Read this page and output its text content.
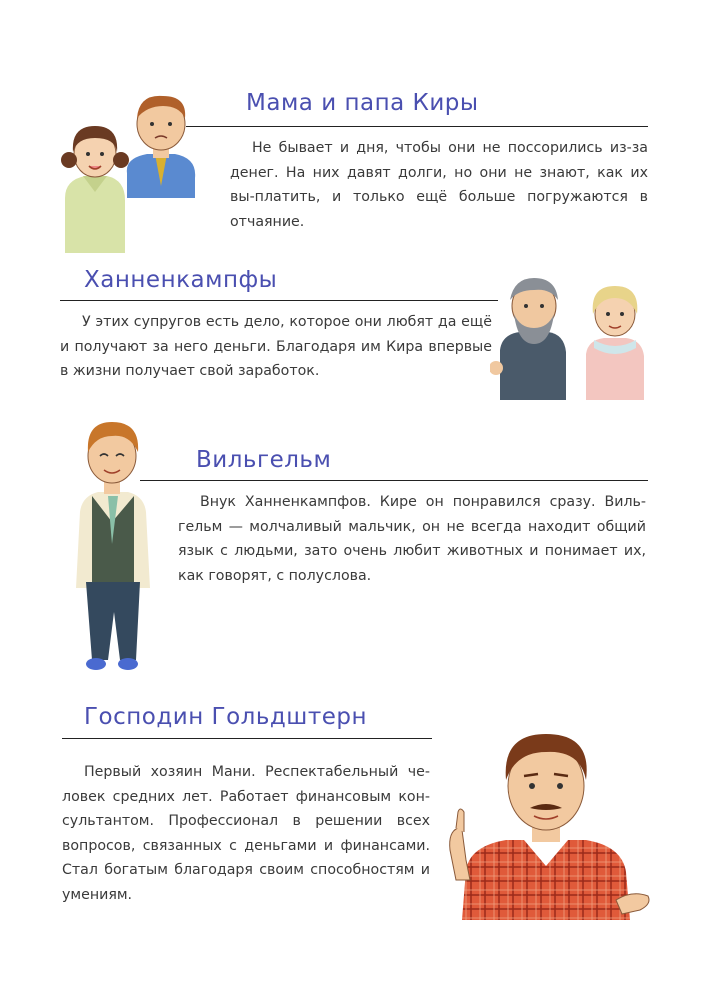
Мама и папа Киры

Не бывает и дня, чтобы они не поссорились из-за денег. На них давят долги, но они не знают, как их вы-платить, и только ещё больше погружаются в отчаяние.

Ханненкампфы

У этих супругов есть дело, которое они любят да ещё и получают за него деньги. Благодаря им Кира впервые в жизни получает свой заработок.

Вильгельм

Внук Ханненкампфов. Кире он понравился сразу. Виль-гельм — молчаливый мальчик, он не всегда находит общий язык с людьми, зато очень любит животных и понимает их, как говорят, с полуслова.

Господин Гольдштерн

Первый хозяин Мани. Респектабельный че-ловек средних лет. Работает финансовым кон-сультантом. Профессионал в решении всех вопросов, связанных с деньгами и финансами. Стал богатым благодаря своим способностям и умениям.
